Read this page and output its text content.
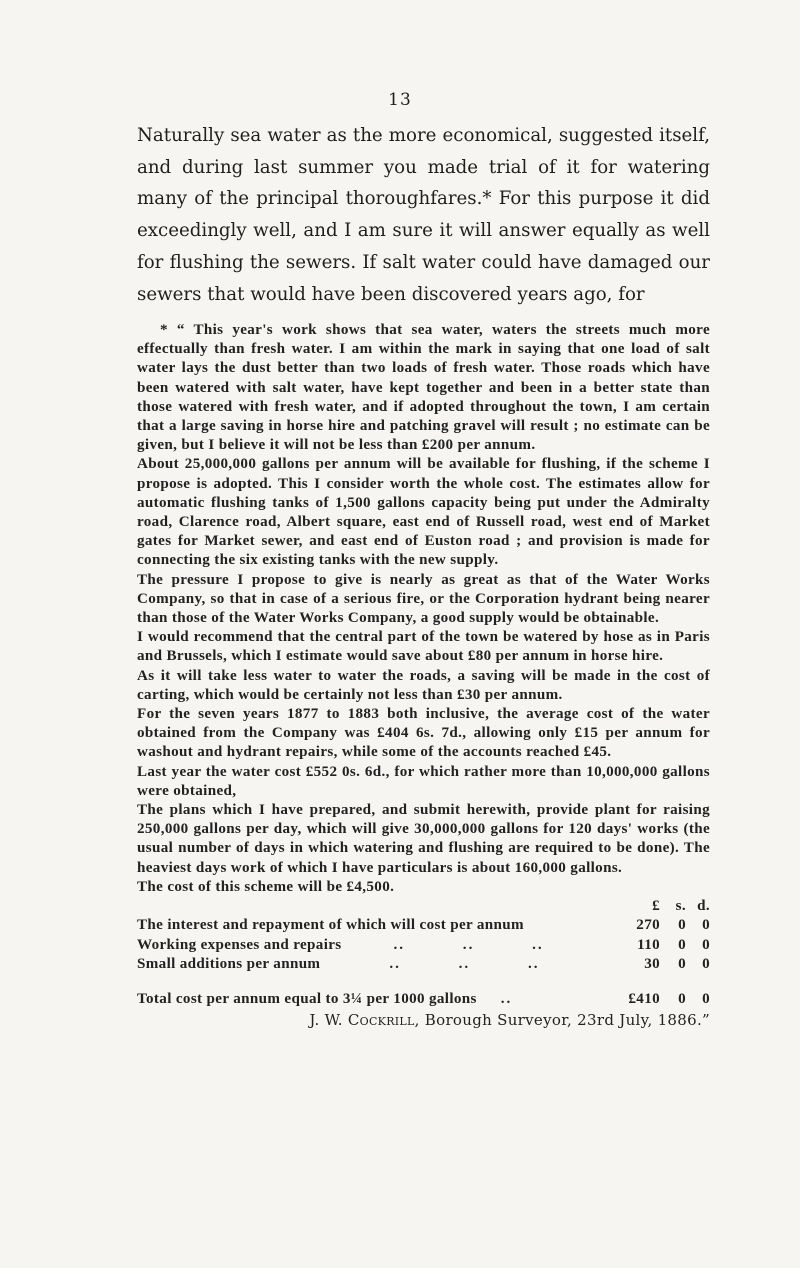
13

Naturally sea water as the more economical, suggested itself, and during last summer you made trial of it for watering many of the principal thoroughfares.* For this purpose it did exceedingly well, and I am sure it will answer equally as well for flushing the sewers. If salt water could have damaged our sewers that would have been discovered years ago, for

* “ This year's work shows that sea water, waters the streets much more effectually than fresh water. I am within the mark in saying that one load of salt water lays the dust better than two loads of fresh water. Those roads which have been watered with salt water, have kept together and been in a better state than those watered with fresh water, and if adopted throughout the town, I am certain that a large saving in horse hire and patching gravel will result ; no estimate can be given, but I believe it will not be less than £200 per annum.

About 25,000,000 gallons per annum will be available for flushing, if the scheme I propose is adopted. This I consider worth the whole cost. The estimates allow for automatic flushing tanks of 1,500 gallons capacity being put under the Admiralty road, Clarence road, Albert square, east end of Russell road, west end of Market gates for Market sewer, and east end of Euston road ; and provision is made for connecting the six existing tanks with the new supply.

The pressure I propose to give is nearly as great as that of the Water Works Company, so that in case of a serious fire, or the Corporation hydrant being nearer than those of the Water Works Company, a good supply would be obtainable.

I would recommend that the central part of the town be watered by hose as in Paris and Brussels, which I estimate would save about £80 per annum in horse hire.

As it will take less water to water the roads, a saving will be made in the cost of carting, which would be certainly not less than £30 per annum.

For the seven years 1877 to 1883 both inclusive, the average cost of the water obtained from the Company was £404 6s. 7d., allowing only £15 per annum for washout and hydrant repairs, while some of the accounts reached £45.

Last year the water cost £552 0s. 6d., for which rather more than 10,000,000 gallons were obtained,

The plans which I have prepared, and submit herewith, provide plant for raising 250,000 gallons per day, which will give 30,000,000 gallons for 120 days' works (the usual number of days in which watering and flushing are required to be done). The heaviest days work of which I have particulars is about 160,000 gallons.

The cost of this scheme will be £4,500.

	£	s.	d.
The interest and repayment of which will cost per annum	270	0	0
Working expenses and repairs ..          ..          ..	110	0	0
Small additions per annum ..          ..          ..	30	0	0

Total cost per annum equal to 3¼ per 1000 gallons ..	£410	0	0
J. W. Cockrill, Borough Surveyor, 23rd July, 1886.”
